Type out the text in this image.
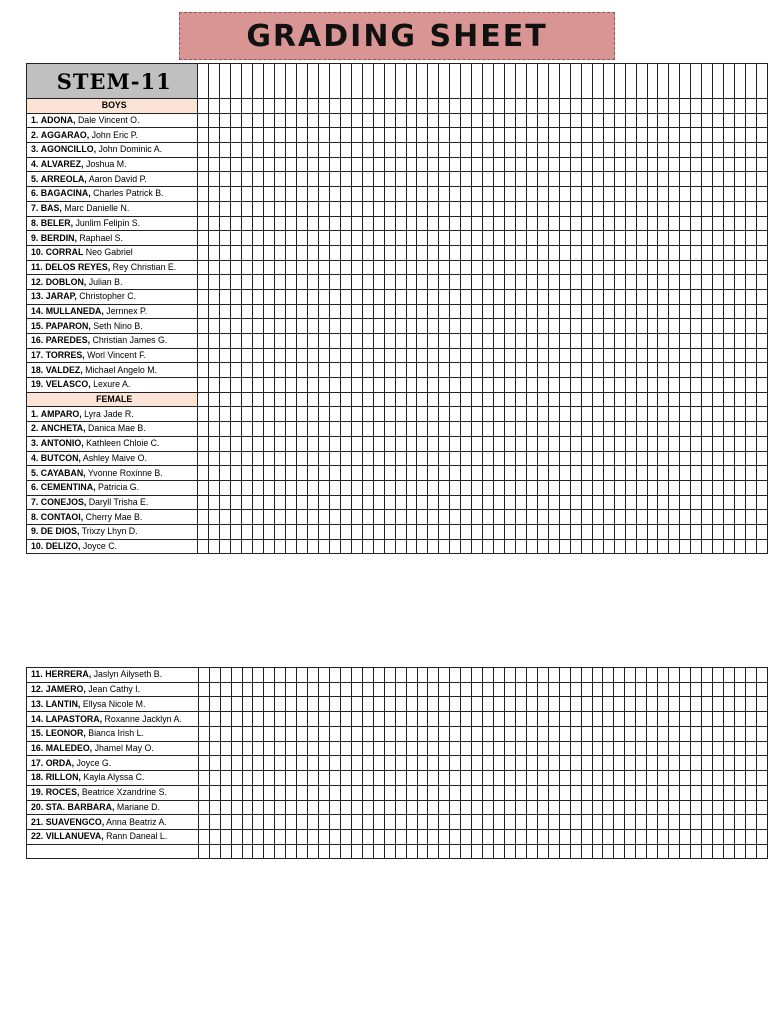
GRADING SHEET
STEM-11																																																				
BOYS																																																				
1. ADONA, Dale Vincent O.																																																				
2. AGGARAO, John Eric P.																																																				
3. AGONCILLO, John Dominic A.																																																				
4. ALVAREZ, Joshua M.																																																				
5. ARREOLA, Aaron David P.																																																				
6. BAGACINA, Charles Patrick B.																																																				
7. BAS, Marc Danielle N.																																																				
8. BELER, Junlim Felipin S.																																																				
9. BERDIN, Raphael S.																																																				
10. CORRAL Neo Gabriel																																																				
11. DELOS REYES, Rey Christian E.																																																				
12. DOBLON, Julian B.																																																				
13. JARAP, Christopher C.																																																				
14. MULLANEDA, Jernnex P.																																																				
15. PAPARON, Seth Nino B.																																																				
16. PAREDES, Christian James G.																																																				
17. TORRES, Worl Vincent F.																																																				
18. VALDEZ, Michael Angelo M.																																																				
19. VELASCO, Lexure A.																																																				
FEMALE																																																				
1. AMPARO, Lyra Jade R.																																																				
2. ANCHETA, Danica Mae B.																																																				
3. ANTONIO, Kathleen Chloie C.																																																				
4. BUTCON, Ashley Maive O.																																																				
5. CAYABAN, Yvonne Roxinne B.																																																				
6. CEMENTINA, Patricia G.																																																				
7. CONEJOS, Daryll Trisha E.																																																				
8. CONTAOI, Cherry Mae B.																																																				
9. DE DIOS, Trixzy Lhyn D.																																																				
10. DELIZO, Joyce C.																																																				
11. HERRERA, Jaslyn Ailyseth B.																																																				
12. JAMERO, Jean Cathy I.																																																				
13. LANTIN, Ellysa Nicole M.																																																				
14. LAPASTORA, Roxanne Jacklyn A.																																																				
15. LEONOR, Bianca Irish L.																																																				
16. MALEDEO, Jhamel May O.																																																				
17. ORDA, Joyce G.																																																				
18. RILLON, Kayla Alyssa C.																																																				
19. ROCES, Beatrice Xzandrine S.																																																				
20. STA. BARBARA, Mariane D.																																																				
21. SUAVENGCO, Anna Beatriz A.																																																				
22. VILLANUEVA, Rann Daneal L.																																																				
